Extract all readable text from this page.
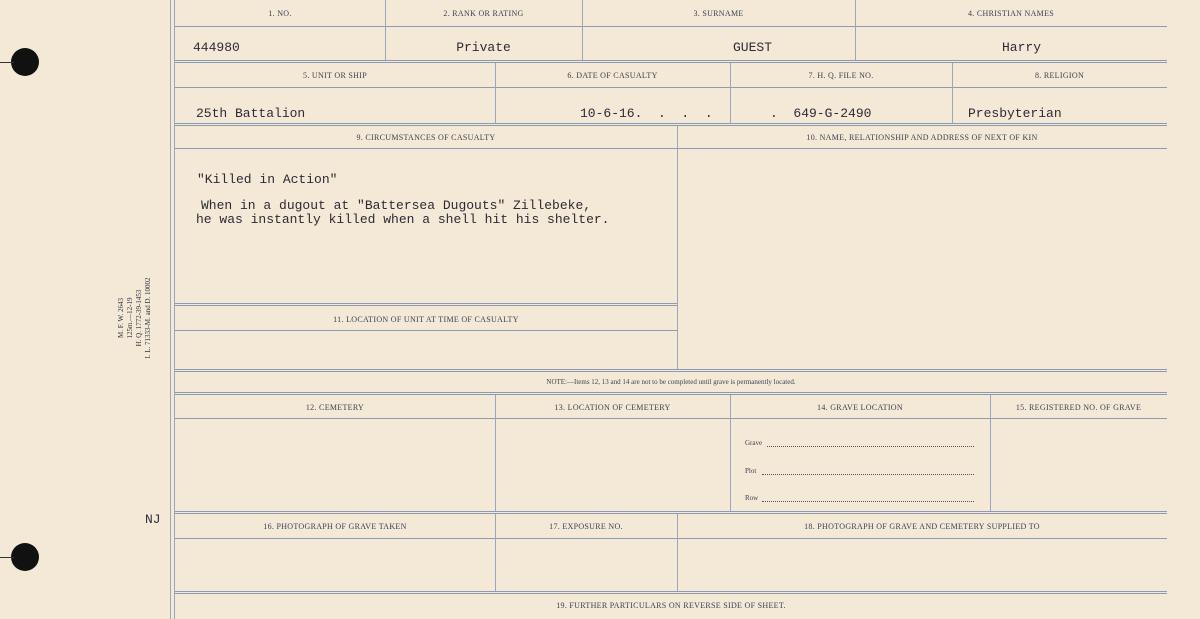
M. F. W. 2643 125m.—12-19 H. Q. 1772-39-1453 I. L. 71333-M. and D. 10002
NJ
1. NO.	2. RANK OR RATING	3. SURNAME	4. CHRISTIAN NAMES
444980	Private	GUEST	Harry
5. UNIT OR SHIP	6. DATE OF CASUALTY	7. H. Q. FILE NO.	8. RELIGION
25th Battalion	10-6-16.  .  .  .	.  649-G-2490	Presbyterian
9. CIRCUMSTANCES OF CASUALTY	10. NAME, RELATIONSHIP AND ADDRESS OF NEXT OF KIN
"Killed in Action"
When in a dugout at "Battersea Dugouts" Zillebeke,
he was instantly killed when a shell hit his shelter.
11. LOCATION OF UNIT AT TIME OF CASUALTY
NOTE:—Items 12, 13 and 14 are not to be completed until grave is permanently located.
12. CEMETERY	13. LOCATION OF CEMETERY	14. GRAVE LOCATION	15. REGISTERED NO. OF GRAVE
Grave
Plot
Row
16. PHOTOGRAPH OF GRAVE TAKEN	17. EXPOSURE NO.	18. PHOTOGRAPH OF GRAVE AND CEMETERY SUPPLIED TO
19. FURTHER PARTICULARS ON REVERSE SIDE OF SHEET.
